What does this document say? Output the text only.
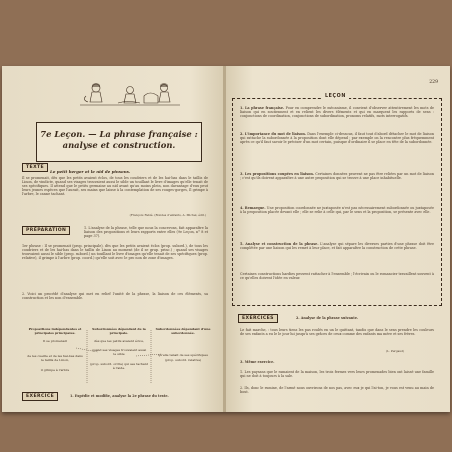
7e Leçon. — La phrase française :
analyse et construction.
TEXTE
Le petit berger et le nid de pinsons.
Il se promenait, dès que les petits avaient éclos, de tous les coudriers et de les hai-bas dans le taillis de Linon, de vindicte, quand ses visages trouvaient aussi le sible un touillant le livre d'images qu'elle tenait de ses spécifiques. Il attend que le petits germaine au nid avant qu'au moins plein, non davantage d'eux peut leurs jeunes espèces que l'aurait, ses mains que laisse à la contemplation de ses rouges-gorges, Il grimpe à l'arbre, le canne tachant.
(François Fabié. (Rondes d'enfants, A. Michel, édit.)
PRÉPARATION	1. L'analyse de la phrase, telle que nous la concevons, fait apparaître la liaison des propositions et leurs rapports entre elles (9e Leçon, n° 8 et page 37).
1er phrase : Il se promenait (prop. principale), dès que les petits avaient éclos (prop. subord.), de tous les coudriers et de les hai-bas dans le taillis de Linon au moment (de il se grup. princ.) ; quand ses visages trouvaient aussi le sible (prop. subord.) un touillant le livre d'images qu'elle tenait de ses spécifiques (prop. relative), il grimpe à l'arbre (prop. coord.) qu'elle soit avec le pro non de zone d'images.
2. Voici un procédé d'analyse qui met en relief l'unité de la phrase, la liaison de ces éléments, sa construction et les non d'ensemble.
Propositions indépendantes et principales principales.
Il se promenait
de les cueille et de les hai-bas dans le taillis de Linon,
il grimpe à l'arbre
Subordonnées dépendant de la principale.
dès que les petits avaient éclos,
quand ses visages trouvaient aussi le sible
(prop. subord. ordre) qui ses tachant à l'aide.
Subordonnées dépendant d'une subordonnée.
qu'elle tenait de ses spécifiques
(prop. subord. relative)
EXERCICE	1. Expédie et modifie, analyse la 2e phrase du texte.
229
LEÇON
1. La phrase française. Pour en comprendre le mécanisme, il convient d'observer attentivement les mots de liaison qui en soutiennent et en relient les divers éléments et qui en marquent les rapports de sens : conjonctions de coordination, conjonctions de subordination, pronoms relatifs, mots interrogatifs.
2. L'importance du mot de liaison. Dans l'exemple ci-dessous, il faut tout d'abord détacher le mot de liaison qui rattache la subordonnée à la proposition dont elle dépend ; par exemple on la rencontre plus fréquemment après ce qu'il faut savoir le préciser d'un mot certain, puisque d'ordinaire il se place en tête de la subordonnée.
3. Les propositions coupées en liaison. Certaines données peuvent ne pas être reliées par un mot de liaison ; c'est qu'ils doivent apparaître à une autre proposition qui se trouve à une place inhabituelle.
4. Remarque. Une proposition coordonnée ne juxtaposée n'est pas nécessairement subordonnée ou juxtaposée à la proposition placée devant elle ; elle se relie à celle qui, par le sens et la proposition, se présente avec elle.
5. Analyse et construction de la phrase. L'analyse qui sépare les diverses parties d'une phrase doit être complétée par une liaison qui les remet à leur place, et fait apparaître la construction de cette phrase.
Certaines constructions hardies peuvent rattacher à l'ensemble ; l'écrivain ou le romancier travaillent souvent à ce qu'elles doivent l'idée en valeur.
EXERCICES	2. Analyse de la phrase suivante.
Le fait marche, : tous leurs tiens les pas roulés en un le quittant, tandis que dans le sens prendre les couleurs de ses enfants a eu le le jour lui jusqu'à ses grâces de ceux comme des enfants ma mère et ses frères.
(L. Pergaud)
3. Même exercice.
1. Les paysans que le ramaient de la maison, les trois fermes vers leurs promenades bien ont laissé une famille qui ne doit à toujours à la sale.
2. Ils, donc le rumine, de l'armé nous ouvrirons de nos pas, avec eux je qui l'ai-ton, je vous est venu au main de bout.
